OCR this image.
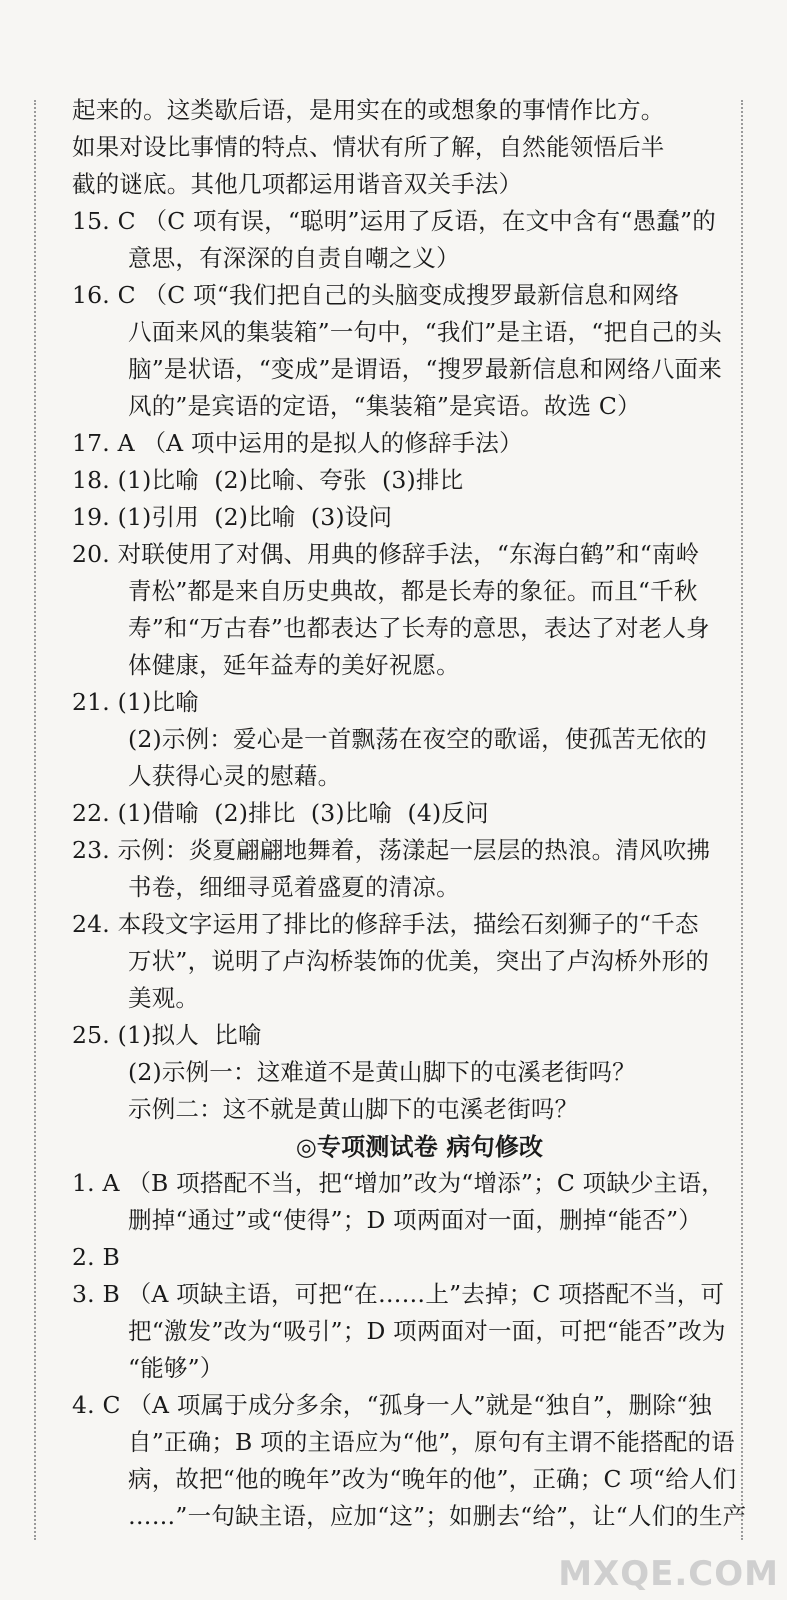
起来的。这类歇后语，是用实在的或想象的事情作比方。
如果对设比事情的特点、情状有所了解，自然能领悟后半
截的谜底。其他几项都运用谐音双关手法）
15. C （C 项有误，“聪明”运用了反语，在文中含有“愚蠢”的
意思，有深深的自责自嘲之义）
16. C （C 项“我们把自己的头脑变成搜罗最新信息和网络
八面来风的集装箱”一句中，“我们”是主语，“把自己的头
脑”是状语，“变成”是谓语，“搜罗最新信息和网络八面来
风的”是宾语的定语，“集装箱”是宾语。故选 C）
17. A （A 项中运用的是拟人的修辞手法）
18. (1)比喻  (2)比喻、夸张  (3)排比
19. (1)引用  (2)比喻  (3)设问
20. 对联使用了对偶、用典的修辞手法，“东海白鹤”和“南岭
青松”都是来自历史典故，都是长寿的象征。而且“千秋
寿”和“万古春”也都表达了长寿的意思，表达了对老人身
体健康，延年益寿的美好祝愿。
21. (1)比喻
(2)示例：爱心是一首飘荡在夜空的歌谣，使孤苦无依的
人获得心灵的慰藉。
22. (1)借喻  (2)排比  (3)比喻  (4)反问
23. 示例：炎夏翩翩地舞着，荡漾起一层层的热浪。清风吹拂
书卷，细细寻觅着盛夏的清凉。
24. 本段文字运用了排比的修辞手法，描绘石刻狮子的“千态
万状”，说明了卢沟桥装饰的优美，突出了卢沟桥外形的
美观。
25. (1)拟人  比喻
(2)示例一：这难道不是黄山脚下的屯溪老街吗？
示例二：这不就是黄山脚下的屯溪老街吗？
◎专项测试卷 病句修改
1. A （B 项搭配不当，把“增加”改为“增添”；C 项缺少主语，
删掉“通过”或“使得”；D 项两面对一面，删掉“能否”）
2. B
3. B （A 项缺主语，可把“在……上”去掉；C 项搭配不当，可
把“激发”改为“吸引”；D 项两面对一面，可把“能否”改为
“能够”）
4. C （A 项属于成分多余，“孤身一人”就是“独自”，删除“独
自”正确；B 项的主语应为“他”，原句有主谓不能搭配的语
病，故把“他的晚年”改为“晚年的他”，正确；C 项“给人们
……”一句缺主语，应加“这”；如删去“给”，让“人们的生产
MXQE.COM
